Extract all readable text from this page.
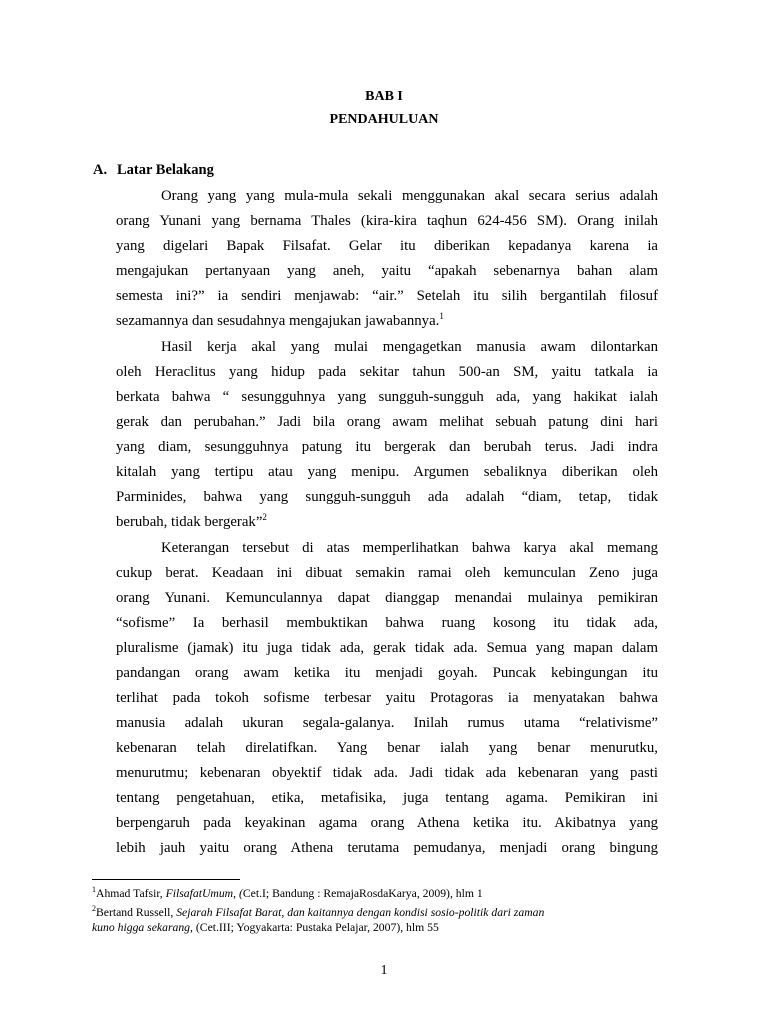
BAB I
PENDAHULUAN
A. Latar Belakang
Orang yang yang mula-mula sekali menggunakan akal secara serius adalah
orang Yunani yang bernama Thales (kira-kira taqhun 624-456 SM). Orang inilah
yang digelari Bapak Filsafat. Gelar itu diberikan kepadanya karena ia
mengajukan pertanyaan yang aneh, yaitu “apakah sebenarnya bahan alam
semesta ini?” ia sendiri menjawab: “air.” Setelah itu silih bergantilah filosuf
sezamannya dan sesudahnya mengajukan jawabannya.$^1$
Hasil kerja akal yang mulai mengagetkan manusia awam dilontarkan
oleh Heraclitus yang hidup pada sekitar tahun 500-an SM, yaitu tatkala ia
berkata bahwa “ sesungguhnya yang sungguh-sungguh ada, yang hakikat ialah
gerak dan perubahan.” Jadi bila orang awam melihat sebuah patung dini hari
yang diam, sesungguhnya patung itu bergerak dan berubah terus. Jadi indra
kitalah yang tertipu atau yang menipu. Argumen sebaliknya diberikan oleh
Parminides, bahwa yang sungguh-sungguh ada adalah “diam, tetap, tidak
berubah, tidak bergerak”$^2$
Keterangan tersebut di atas memperlihatkan bahwa karya akal memang
cukup berat. Keadaan ini dibuat semakin ramai oleh kemunculan Zeno juga
orang Yunani. Kemunculannya dapat dianggap menandai mulainya pemikiran
“sofisme” Ia berhasil membuktikan bahwa ruang kosong itu tidak ada,
pluralisme (jamak) itu juga tidak ada, gerak tidak ada. Semua yang mapan dalam
pandangan orang awam ketika itu menjadi goyah. Puncak kebingungan itu
terlihat pada tokoh sofisme terbesar yaitu Protagoras ia menyatakan bahwa
manusia adalah ukuran segala-galanya. Inilah rumus utama “relativisme”
kebenaran telah direlatifkan. Yang benar ialah yang benar menurutku,
menurutmu; kebenaran obyektif tidak ada. Jadi tidak ada kebenaran yang pasti
tentang pengetahuan, etika, metafisika, juga tentang agama. Pemikiran ini
berpengaruh pada keyakinan agama orang Athena ketika itu. Akibatnya yang
lebih jauh yaitu orang Athena terutama pemudanya, menjadi orang bingung
$^1$Ahmad Tafsir, FilsafatUmum, (Cet.I; Bandung : RemajaRosdaKarya, 2009), hlm 1
$^2$Bertand Russell, Sejarah Filsafat Barat, dan kaitannya dengan kondisi sosio-politik dari zaman
kuno higga sekarang, (Cet.III; Yogyakarta: Pustaka Pelajar, 2007), hlm 55
1
